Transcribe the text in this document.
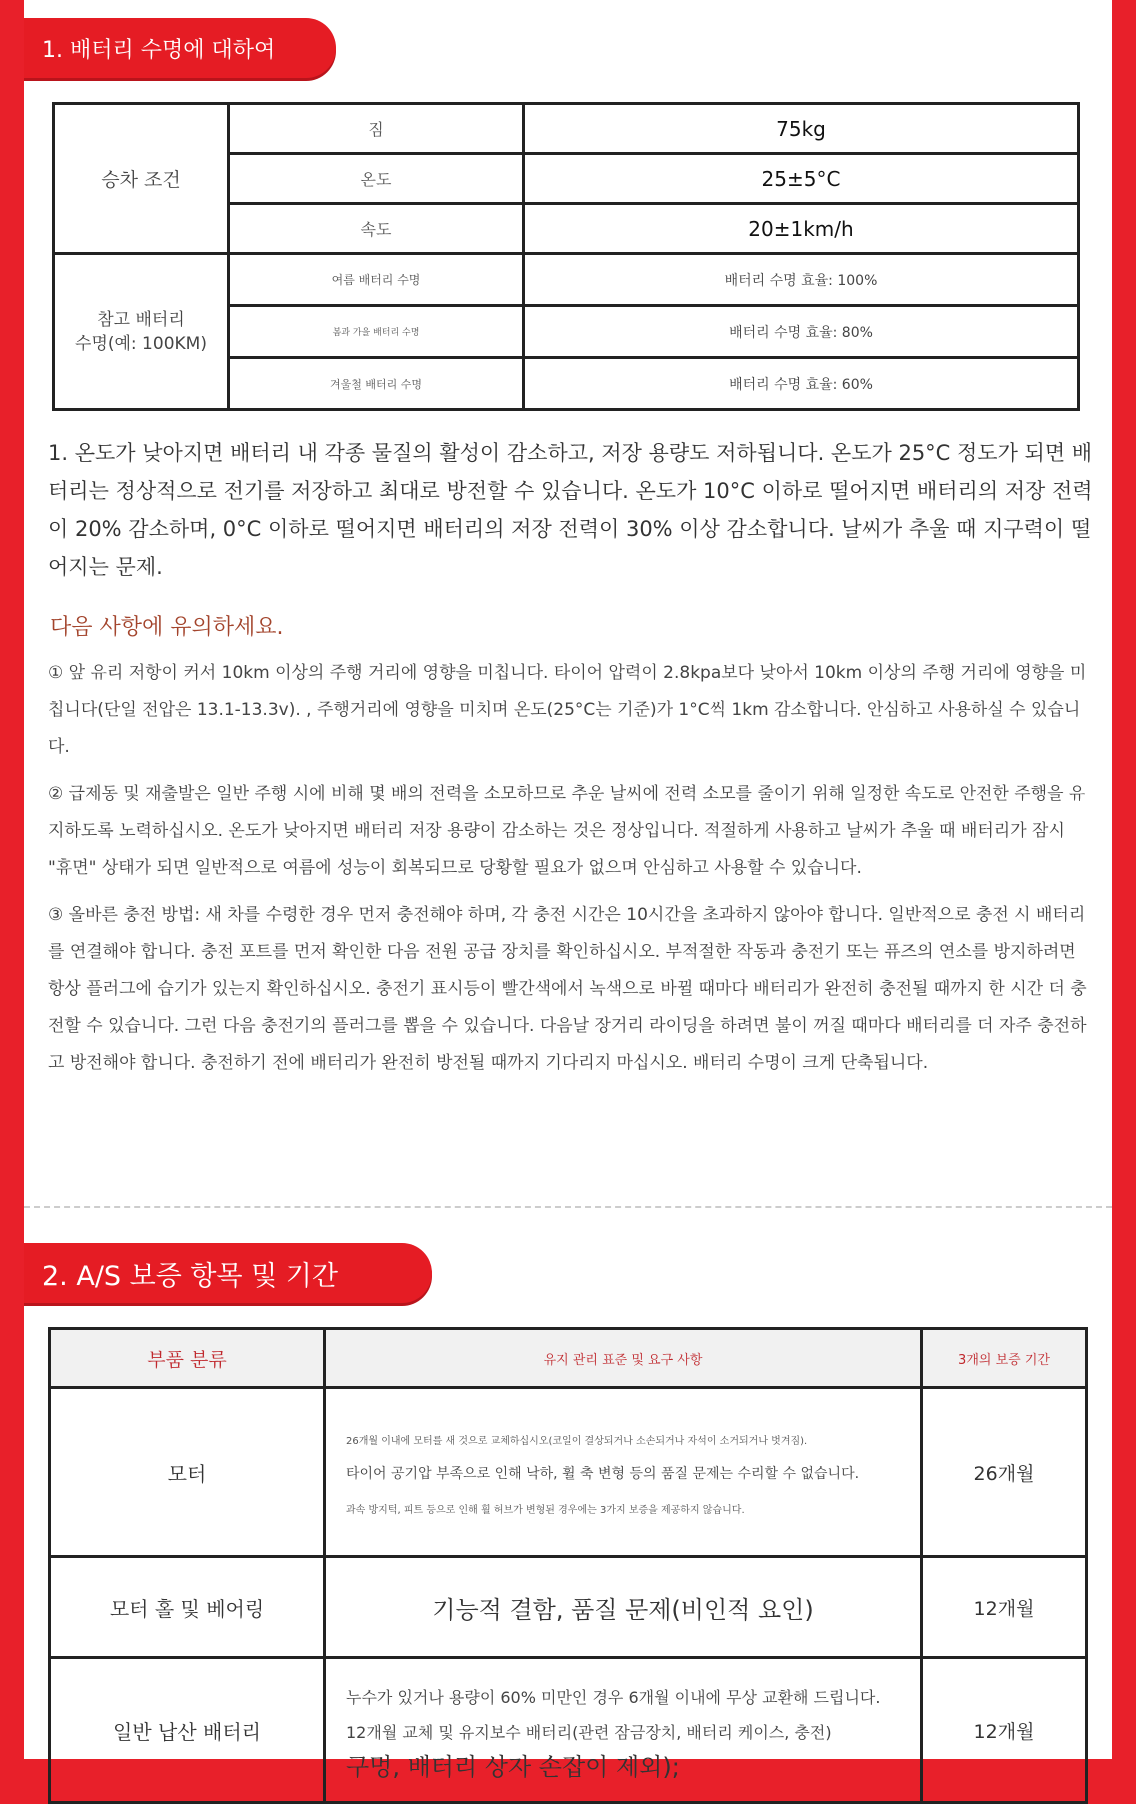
1. 배터리 수명에 대하여
승차 조건	짐	75kg
	온도	25±5°C
	속도	20±1km/h
참고 배터리
수명(예: 100KM)	여름 배터리 수명	배터리 수명 효율: 100%
	봄과 가을 배터리 수명	배터리 수명 효율: 80%
	겨울철 배터리 수명	배터리 수명 효율: 60%

1. 온도가 낮아지면 배터리 내 각종 물질의 활성이 감소하고, 저장 용량도 저하됩니다. 온도가 25°C 정도가 되면 배터리는 정상적으로 전기를 저장하고 최대로 방전할 수 있습니다. 온도가 10°C 이하로 떨어지면 배터리의 저장 전력이 20% 감소하며, 0°C 이하로 떨어지면 배터리의 저장 전력이 30% 이상 감소합니다. 날씨가 추울 때 지구력이 떨어지는 문제.

다음 사항에 유의하세요.

① 앞 유리 저항이 커서 10km 이상의 주행 거리에 영향을 미칩니다. 타이어 압력이 2.8kpa보다 낮아서 10km 이상의 주행 거리에 영향을 미칩니다(단일 전압은 13.1-13.3v). , 주행거리에 영향을 미치며 온도(25°C는 기준)가 1°C씩 1km 감소합니다. 안심하고 사용하실 수 있습니다.

② 급제동 및 재출발은 일반 주행 시에 비해 몇 배의 전력을 소모하므로 추운 날씨에 전력 소모를 줄이기 위해 일정한 속도로 안전한 주행을 유지하도록 노력하십시오. 온도가 낮아지면 배터리 저장 용량이 감소하는 것은 정상입니다. 적절하게 사용하고 날씨가 추울 때 배터리가 잠시 "휴면" 상태가 되면 일반적으로 여름에 성능이 회복되므로 당황할 필요가 없으며 안심하고 사용할 수 있습니다.

③ 올바른 충전 방법: 새 차를 수령한 경우 먼저 충전해야 하며, 각 충전 시간은 10시간을 초과하지 않아야 합니다. 일반적으로 충전 시 배터리를 연결해야 합니다. 충전 포트를 먼저 확인한 다음 전원 공급 장치를 확인하십시오. 부적절한 작동과 충전기 또는 퓨즈의 연소를 방지하려면 항상 플러그에 습기가 있는지 확인하십시오. 충전기 표시등이 빨간색에서 녹색으로 바뀔 때마다 배터리가 완전히 충전될 때까지 한 시간 더 충전할 수 있습니다. 그런 다음 충전기의 플러그를 뽑을 수 있습니다. 다음날 장거리 라이딩을 하려면 불이 꺼질 때마다 배터리를 더 자주 충전하고 방전해야 합니다. 충전하기 전에 배터리가 완전히 방전될 때까지 기다리지 마십시오. 배터리 수명이 크게 단축됩니다.

2. A/S 보증 항목 및 기간
부품 분류	유지 관리 표준 및 요구 사항	3개의 보증 기간
모터	26개월 이내에 모터를 새 것으로 교체하십시오(코일이 결상되거나 소손되거나 자석이 소거되거나 벗겨짐).
타이어 공기압 부족으로 인해 낙하, 휠 축 변형 등의 품질 문제는 수리할 수 없습니다.
과속 방지턱, 피트 등으로 인해 휠 허브가 변형된 경우에는 3가지 보증을 제공하지 않습니다.	26개월
모터 홀 및 베어링	기능적 결함, 품질 문제(비인적 요인)	12개월
일반 납산 배터리	누수가 있거나 용량이 60% 미만인 경우 6개월 이내에 무상 교환해 드립니다.
12개월 교체 및 유지보수 배터리(관련 잠금장치, 배터리 케이스, 충전)
구멍, 배터리 상자 손잡이 제외);	12개월
